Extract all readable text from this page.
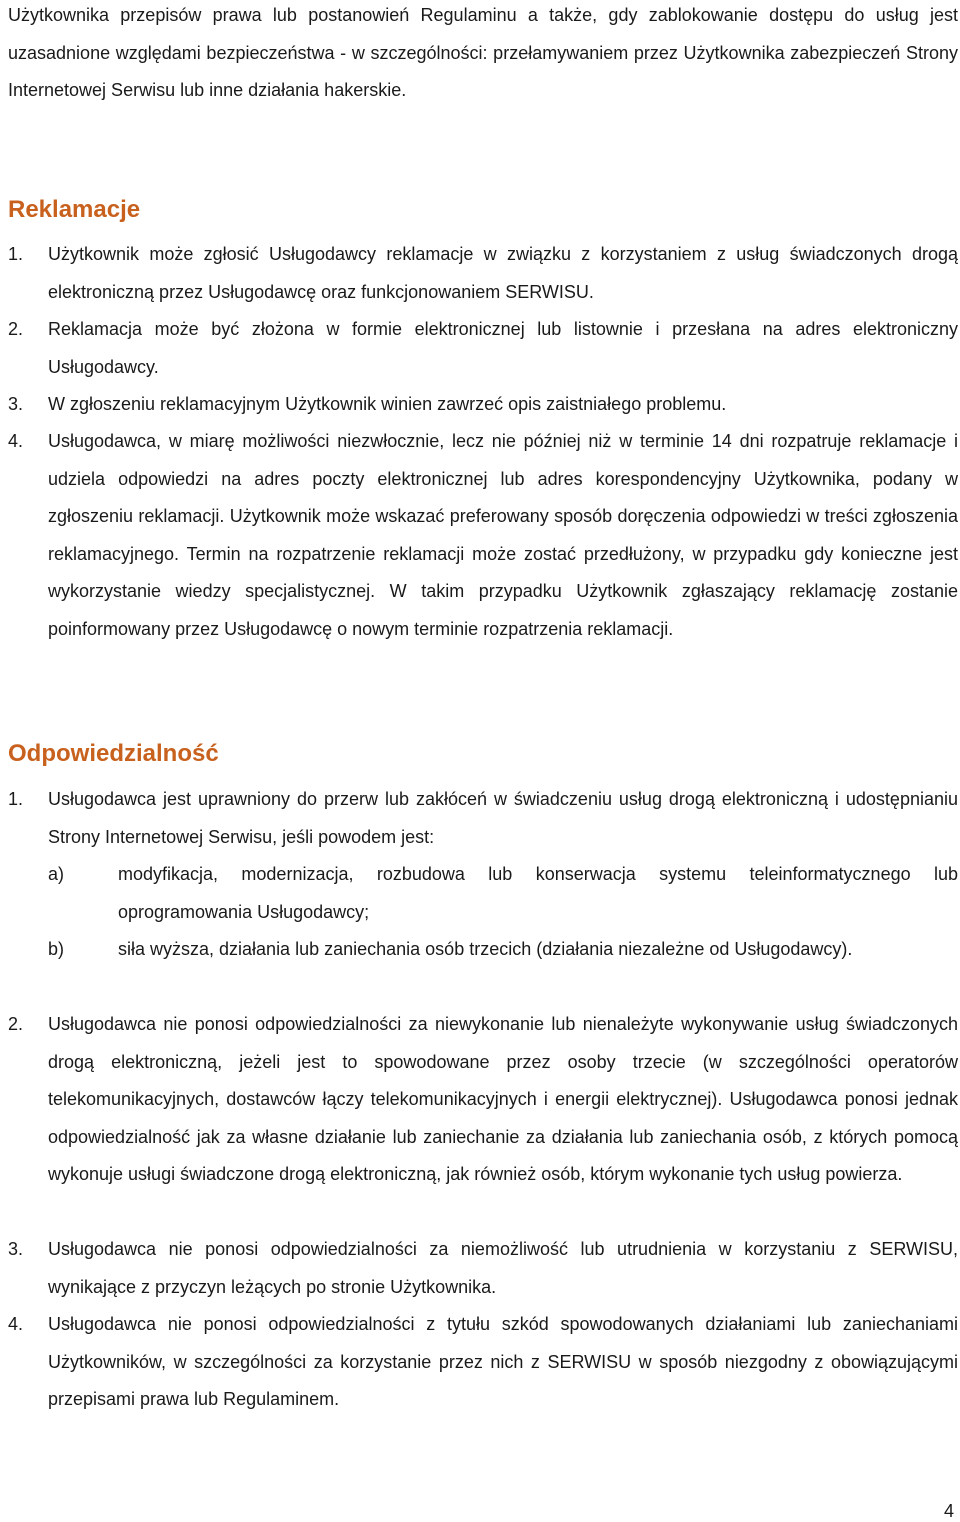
Użytkownika przepisów prawa lub postanowień Regulaminu a także, gdy zablokowanie dostępu do usług jest uzasadnione względami bezpieczeństwa - w szczególności: przełamywaniem przez Użytkownika zabezpieczeń Strony Internetowej Serwisu lub inne działania hakerskie.

Reklamacje
1. Użytkownik może zgłosić Usługodawcy reklamacje w związku z korzystaniem z usług świadczonych drogą elektroniczną przez Usługodawcę oraz funkcjonowaniem SERWISU.

2. Reklamacja może być złożona w formie elektronicznej lub listownie i przesłana na adres elektroniczny Usługodawcy.

3. W zgłoszeniu reklamacyjnym Użytkownik winien zawrzeć opis zaistniałego problemu.

4. Usługodawca, w miarę możliwości niezwłocznie, lecz nie później niż w terminie 14 dni rozpatruje reklamacje i udziela odpowiedzi na adres poczty elektronicznej lub adres korespondencyjny Użytkownika, podany w zgłoszeniu reklamacji. Użytkownik może wskazać preferowany sposób doręczenia odpowiedzi w treści zgłoszenia reklamacyjnego. Termin na rozpatrzenie reklamacji może zostać przedłużony, w przypadku gdy konieczne jest wykorzystanie wiedzy specjalistycznej. W takim przypadku Użytkownik zgłaszający reklamację zostanie poinformowany przez Usługodawcę o nowym terminie rozpatrzenia reklamacji.

Odpowiedzialność
1. Usługodawca jest uprawniony do przerw lub zakłóceń w świadczeniu usług drogą elektroniczną i udostępnianiu Strony Internetowej Serwisu, jeśli powodem jest:

a)	modyfikacja, modernizacja, rozbudowa lub konserwacja systemu teleinformatycznego lub oprogramowania Usługodawcy;

b)	siła wyższa, działania lub zaniechania osób trzecich (działania niezależne od Usługodawcy).

2. Usługodawca nie ponosi odpowiedzialności za niewykonanie lub nienależyte wykonywanie usług świadczonych drogą elektroniczną, jeżeli jest to spowodowane przez osoby trzecie (w szczególności operatorów telekomunikacyjnych, dostawców łączy telekomunikacyjnych i energii elektrycznej). Usługodawca ponosi jednak odpowiedzialność jak za własne działanie lub zaniechanie za działania lub zaniechania osób, z których pomocą wykonuje usługi świadczone drogą elektroniczną, jak również osób, którym wykonanie tych usług powierza.

3. Usługodawca nie ponosi odpowiedzialności za niemożliwość lub utrudnienia w korzystaniu z SERWISU, wynikające z przyczyn leżących po stronie Użytkownika.

4. Usługodawca nie ponosi odpowiedzialności z tytułu szkód spowodowanych działaniami lub zaniechaniami Użytkowników, w szczególności za korzystanie przez nich z SERWISU w sposób niezgodny z obowiązującymi przepisami prawa lub Regulaminem.

4
